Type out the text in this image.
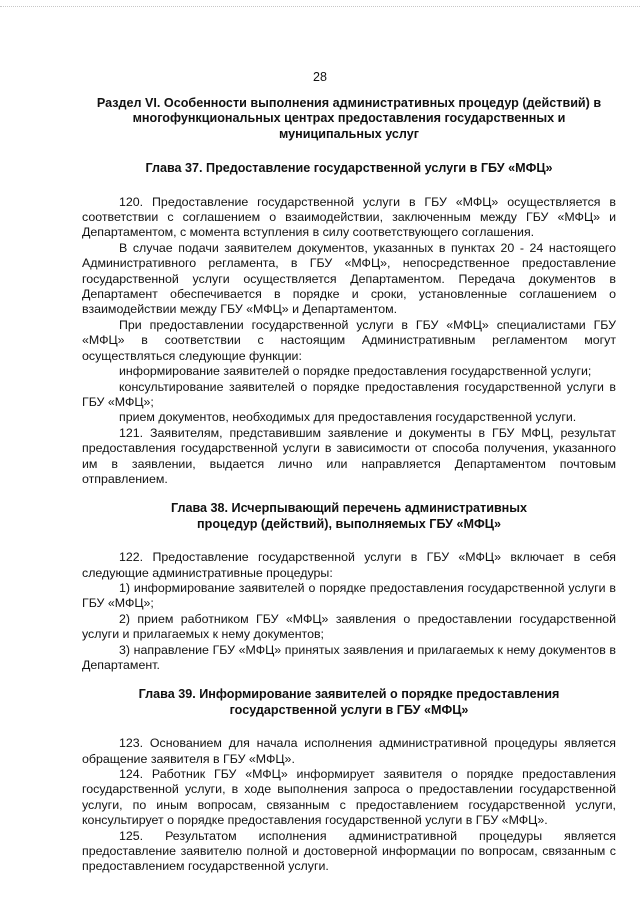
28
Раздел VI. Особенности выполнения административных процедур (действий) в многофункциональных центрах предоставления государственных и муниципальных услуг
Глава 37. Предоставление государственной услуги в ГБУ «МФЦ»

120. Предоставление государственной услуги в ГБУ «МФЦ» осуществляется в соответствии с соглашением о взаимодействии, заключенным между ГБУ «МФЦ» и Департаментом, с момента вступления в силу соответствующего соглашения.

В случае подачи заявителем документов, указанных в пунктах 20 - 24 настоящего Административного регламента, в ГБУ «МФЦ», непосредственное предоставление государственной услуги осуществляется Департаментом. Передача документов в Департамент обеспечивается в порядке и сроки, установленные соглашением о взаимодействии между ГБУ «МФЦ» и Департаментом.

При предоставлении государственной услуги в ГБУ «МФЦ» специалистами ГБУ «МФЦ» в соответствии с настоящим Административным регламентом могут осуществляться следующие функции:

информирование заявителей о порядке предоставления государственной услуги;

консультирование заявителей о порядке предоставления государственной услуги в ГБУ «МФЦ»;

прием документов, необходимых для предоставления государственной услуги.

121. Заявителям, представившим заявление и документы в ГБУ МФЦ, результат предоставления государственной услуги в зависимости от способа получения, указанного им в заявлении, выдается лично или направляется Департаментом почтовым отправлением.

Глава 38. Исчерпывающий перечень административных
процедур (действий), выполняемых ГБУ «МФЦ»

122. Предоставление государственной услуги в ГБУ «МФЦ» включает в себя следующие административные процедуры:

1) информирование заявителей о порядке предоставления государственной услуги в ГБУ «МФЦ»;

2) прием работником ГБУ «МФЦ» заявления о предоставлении государственной услуги и прилагаемых к нему документов;

3) направление ГБУ «МФЦ» принятых заявления и прилагаемых к нему документов в Департамент.

Глава 39. Информирование заявителей о порядке предоставления
государственной услуги в ГБУ «МФЦ»

123. Основанием для начала исполнения административной процедуры является обращение заявителя в ГБУ «МФЦ».

124. Работник ГБУ «МФЦ» информирует заявителя о порядке предоставления государственной услуги, в ходе выполнения запроса о предоставлении государственной услуги, по иным вопросам, связанным с предоставлением государственной услуги, консультирует о порядке предоставления государственной услуги в ГБУ «МФЦ».

125. Результатом исполнения административной процедуры является предоставление заявителю полной и достоверной информации по вопросам, связанным с предоставлением государственной услуги.
